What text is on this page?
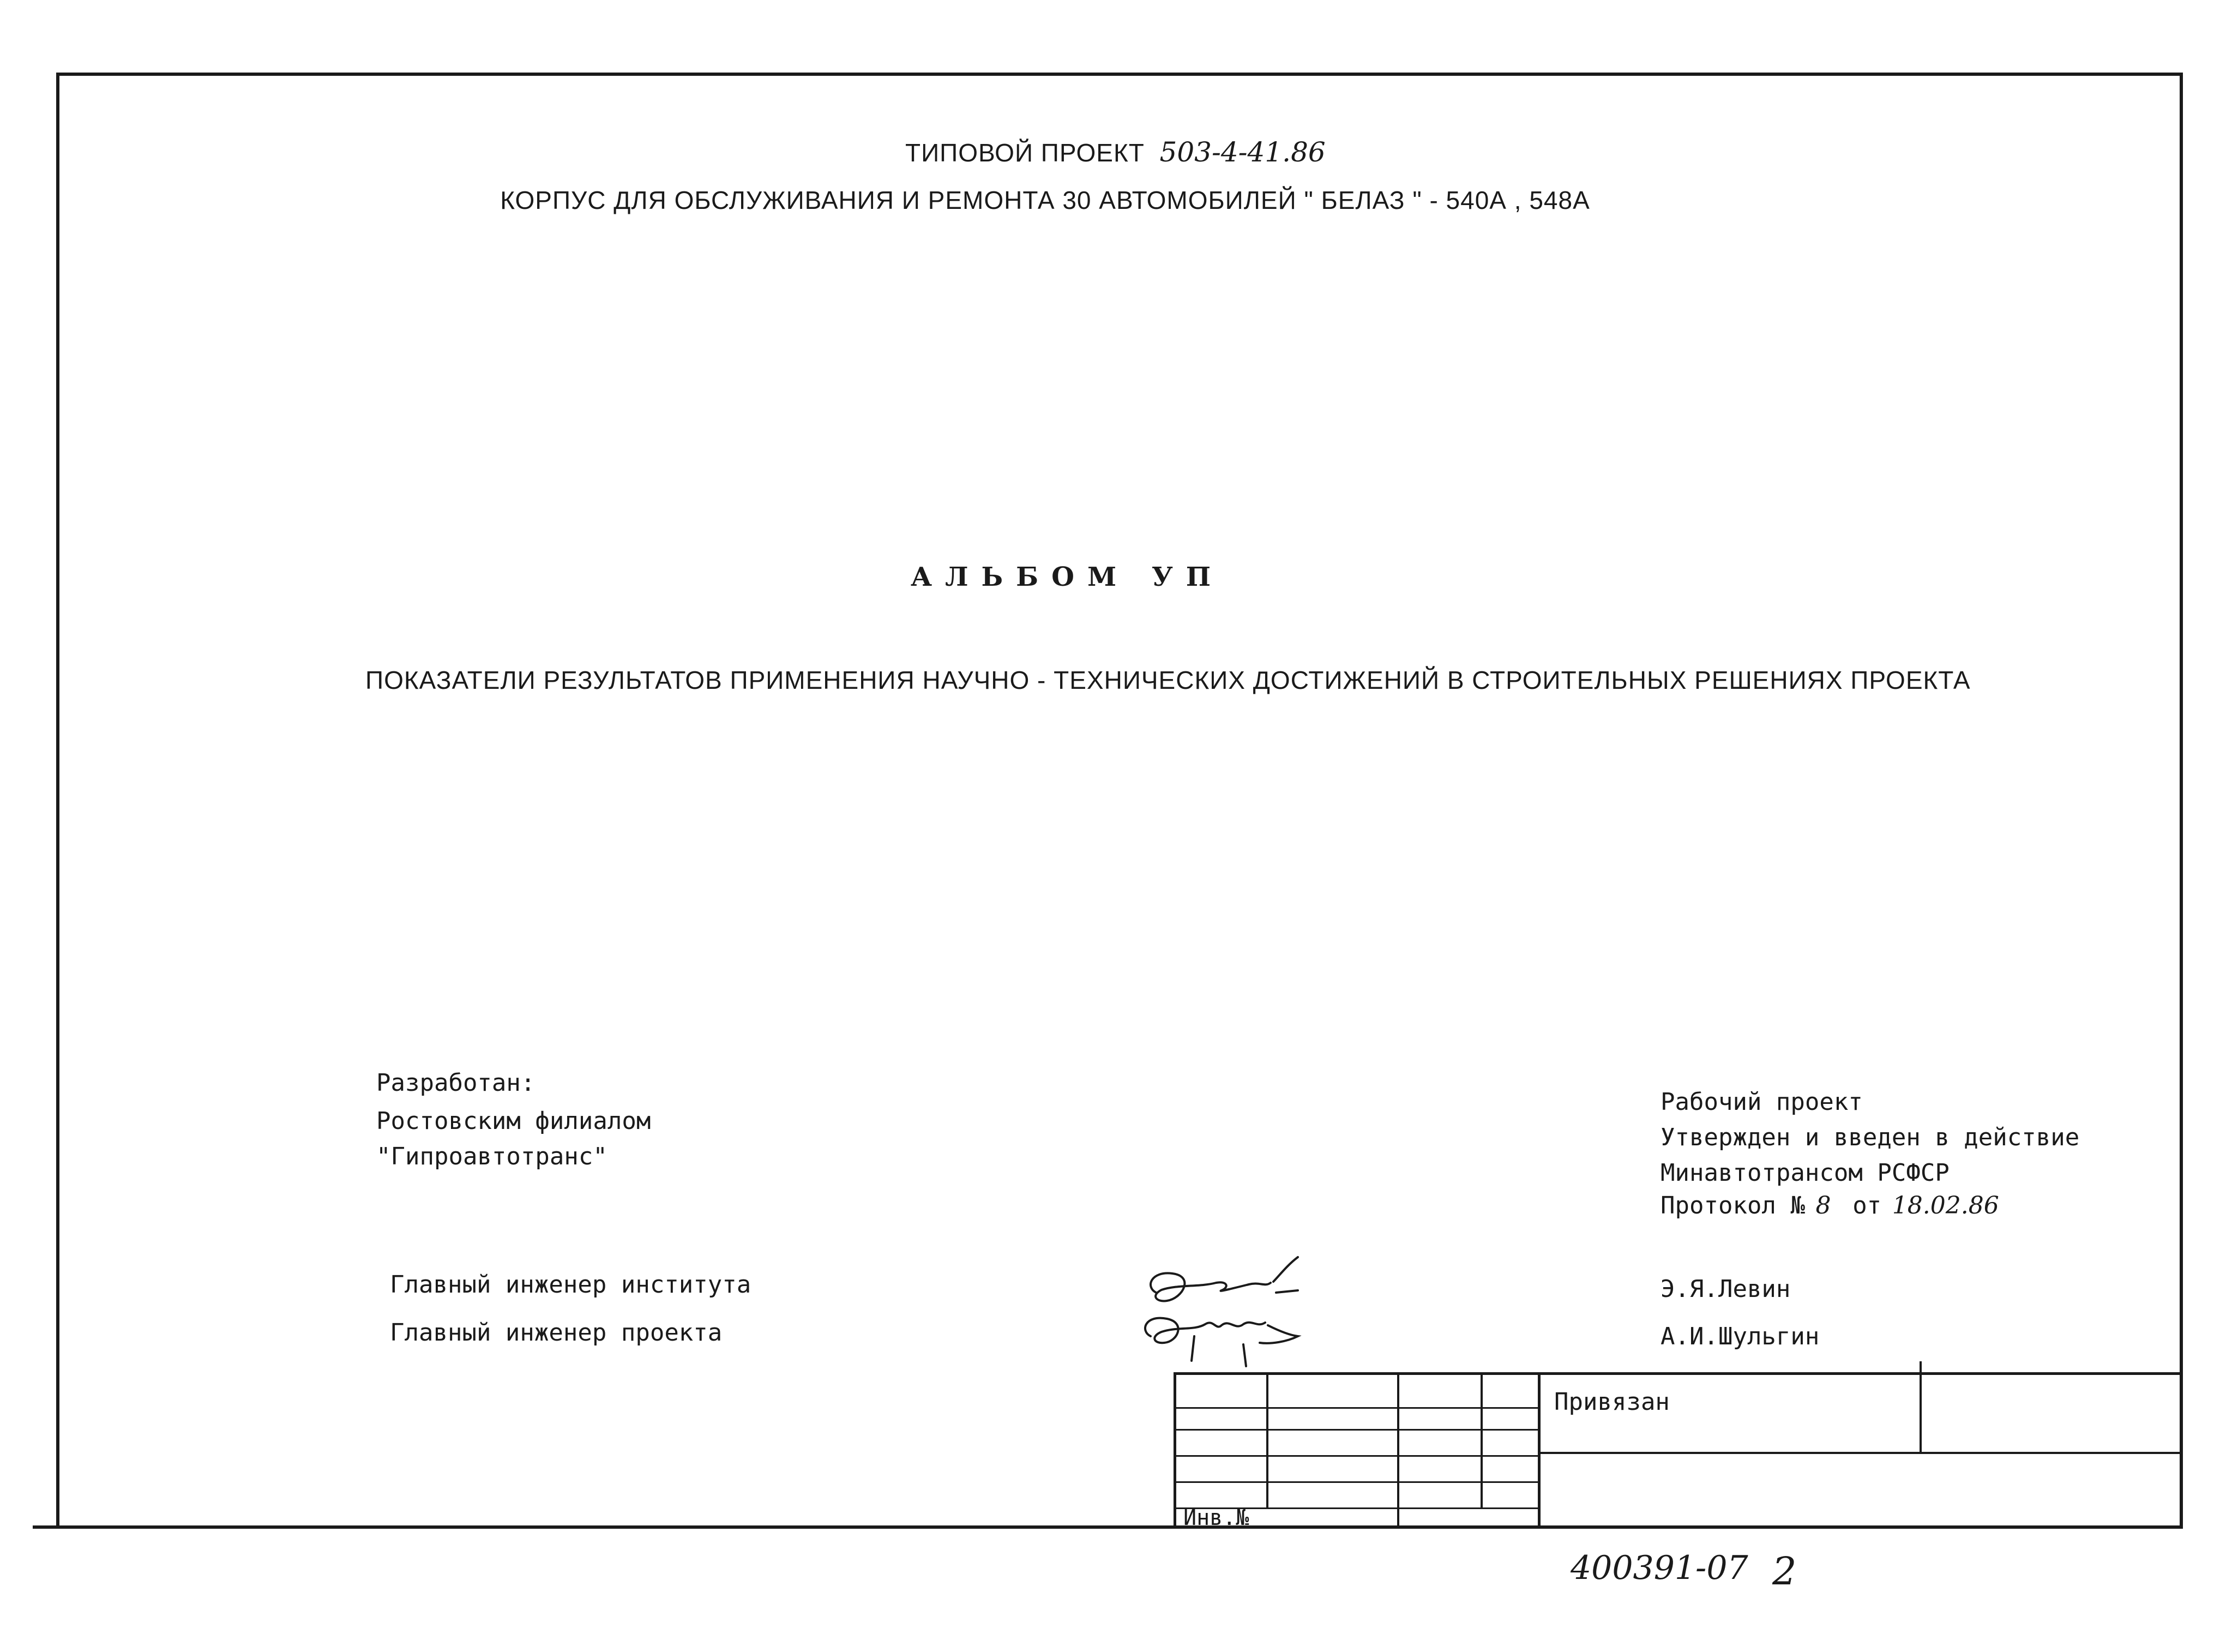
ТИПОВОЙ ПРОЕКТ 503-4-41.86
КОРПУС ДЛЯ ОБСЛУЖИВАНИЯ И РЕМОНТА 30 АВТОМОБИЛЕЙ " БЕЛАЗ " - 540А , 548А
АЛЬБОМ УП
ПОКАЗАТЕЛИ РЕЗУЛЬТАТОВ ПРИМЕНЕНИЯ НАУЧНО - ТЕХНИЧЕСКИХ ДОСТИЖЕНИЙ В СТРОИТЕЛЬНЫХ РЕШЕНИЯХ ПРОЕКТА
Разработан:
Ростовским филиалом
"Гипроавтотранс"
Рабочий проект
Утвержден и введен в действие
Минавтотрансом РСФСР
Протокол № 8 от 18.02.86
Главный инженер института
Главный инженер проекта
Э.Я.Левин
А.И.Шульгин
Привязан
Инв.№
400391-07 2
